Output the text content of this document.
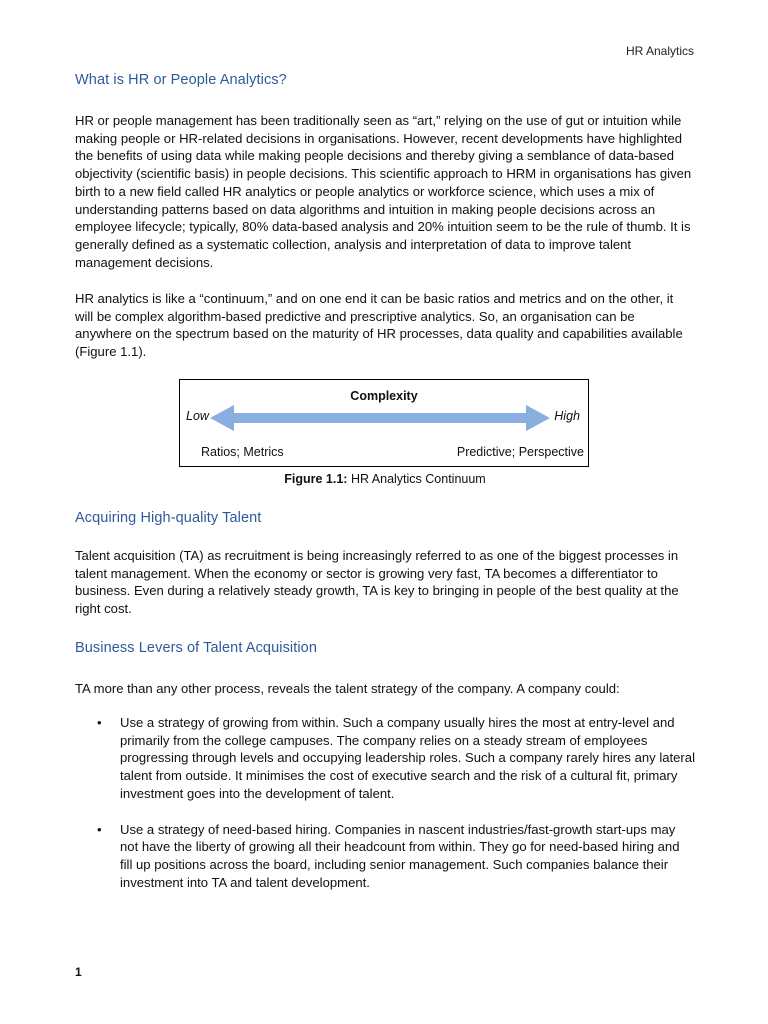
HR Analytics
What is HR or People Analytics?

HR or people management has been traditionally seen as “art,” relying on the use of gut or intuition while making people or HR-related decisions in organisations. However, recent developments have highlighted the benefits of using data while making people decisions and thereby giving a semblance of data-based objectivity (scientific basis) in people decisions. This scientific approach to HRM in organisations has given birth to a new field called HR analytics or people analytics or workforce science, which uses a mix of understanding patterns based on data algorithms and intuition in making people decisions across an employee lifecycle; typically, 80% data-based analysis and 20% intuition seem to be the rule of thumb. It is generally defined as a systematic collection, analysis and interpretation of data to improve talent management decisions.

HR analytics is like a “continuum,” and on one end it can be basic ratios and metrics and on the other, it will be complex algorithm-based predictive and prescriptive analytics. So, an organisation can be anywhere on the spectrum based on the maturity of HR processes, data quality and capabilities available (Figure 1.1).

Complexity
Low	High
Ratios; Metrics	Predictive; Perspective
Figure 1.1: HR Analytics Continuum
Acquiring High-quality Talent

Talent acquisition (TA) as recruitment is being increasingly referred to as one of the biggest processes in talent management. When the economy or sector is growing very fast, TA becomes a differentiator to business. Even during a relatively steady growth, TA is key to bringing in people of the best quality at the right cost.

Business Levers of Talent Acquisition

TA more than any other process, reveals the talent strategy of the company. A company could:

• Use a strategy of growing from within. Such a company usually hires the most at entry-level and primarily from the college campuses. The company relies on a steady stream of employees progressing through levels and occupying leadership roles. Such a company rarely hires any lateral talent from outside. It minimises the cost of executive search and the risk of a cultural fit, primary investment goes into the development of talent.
• Use a strategy of need-based hiring. Companies in nascent industries/fast-growth start-ups may not have the liberty of growing all their headcount from within. They go for need-based hiring and fill up positions across the board, including senior management. Such companies balance their investment into TA and talent development.
1
